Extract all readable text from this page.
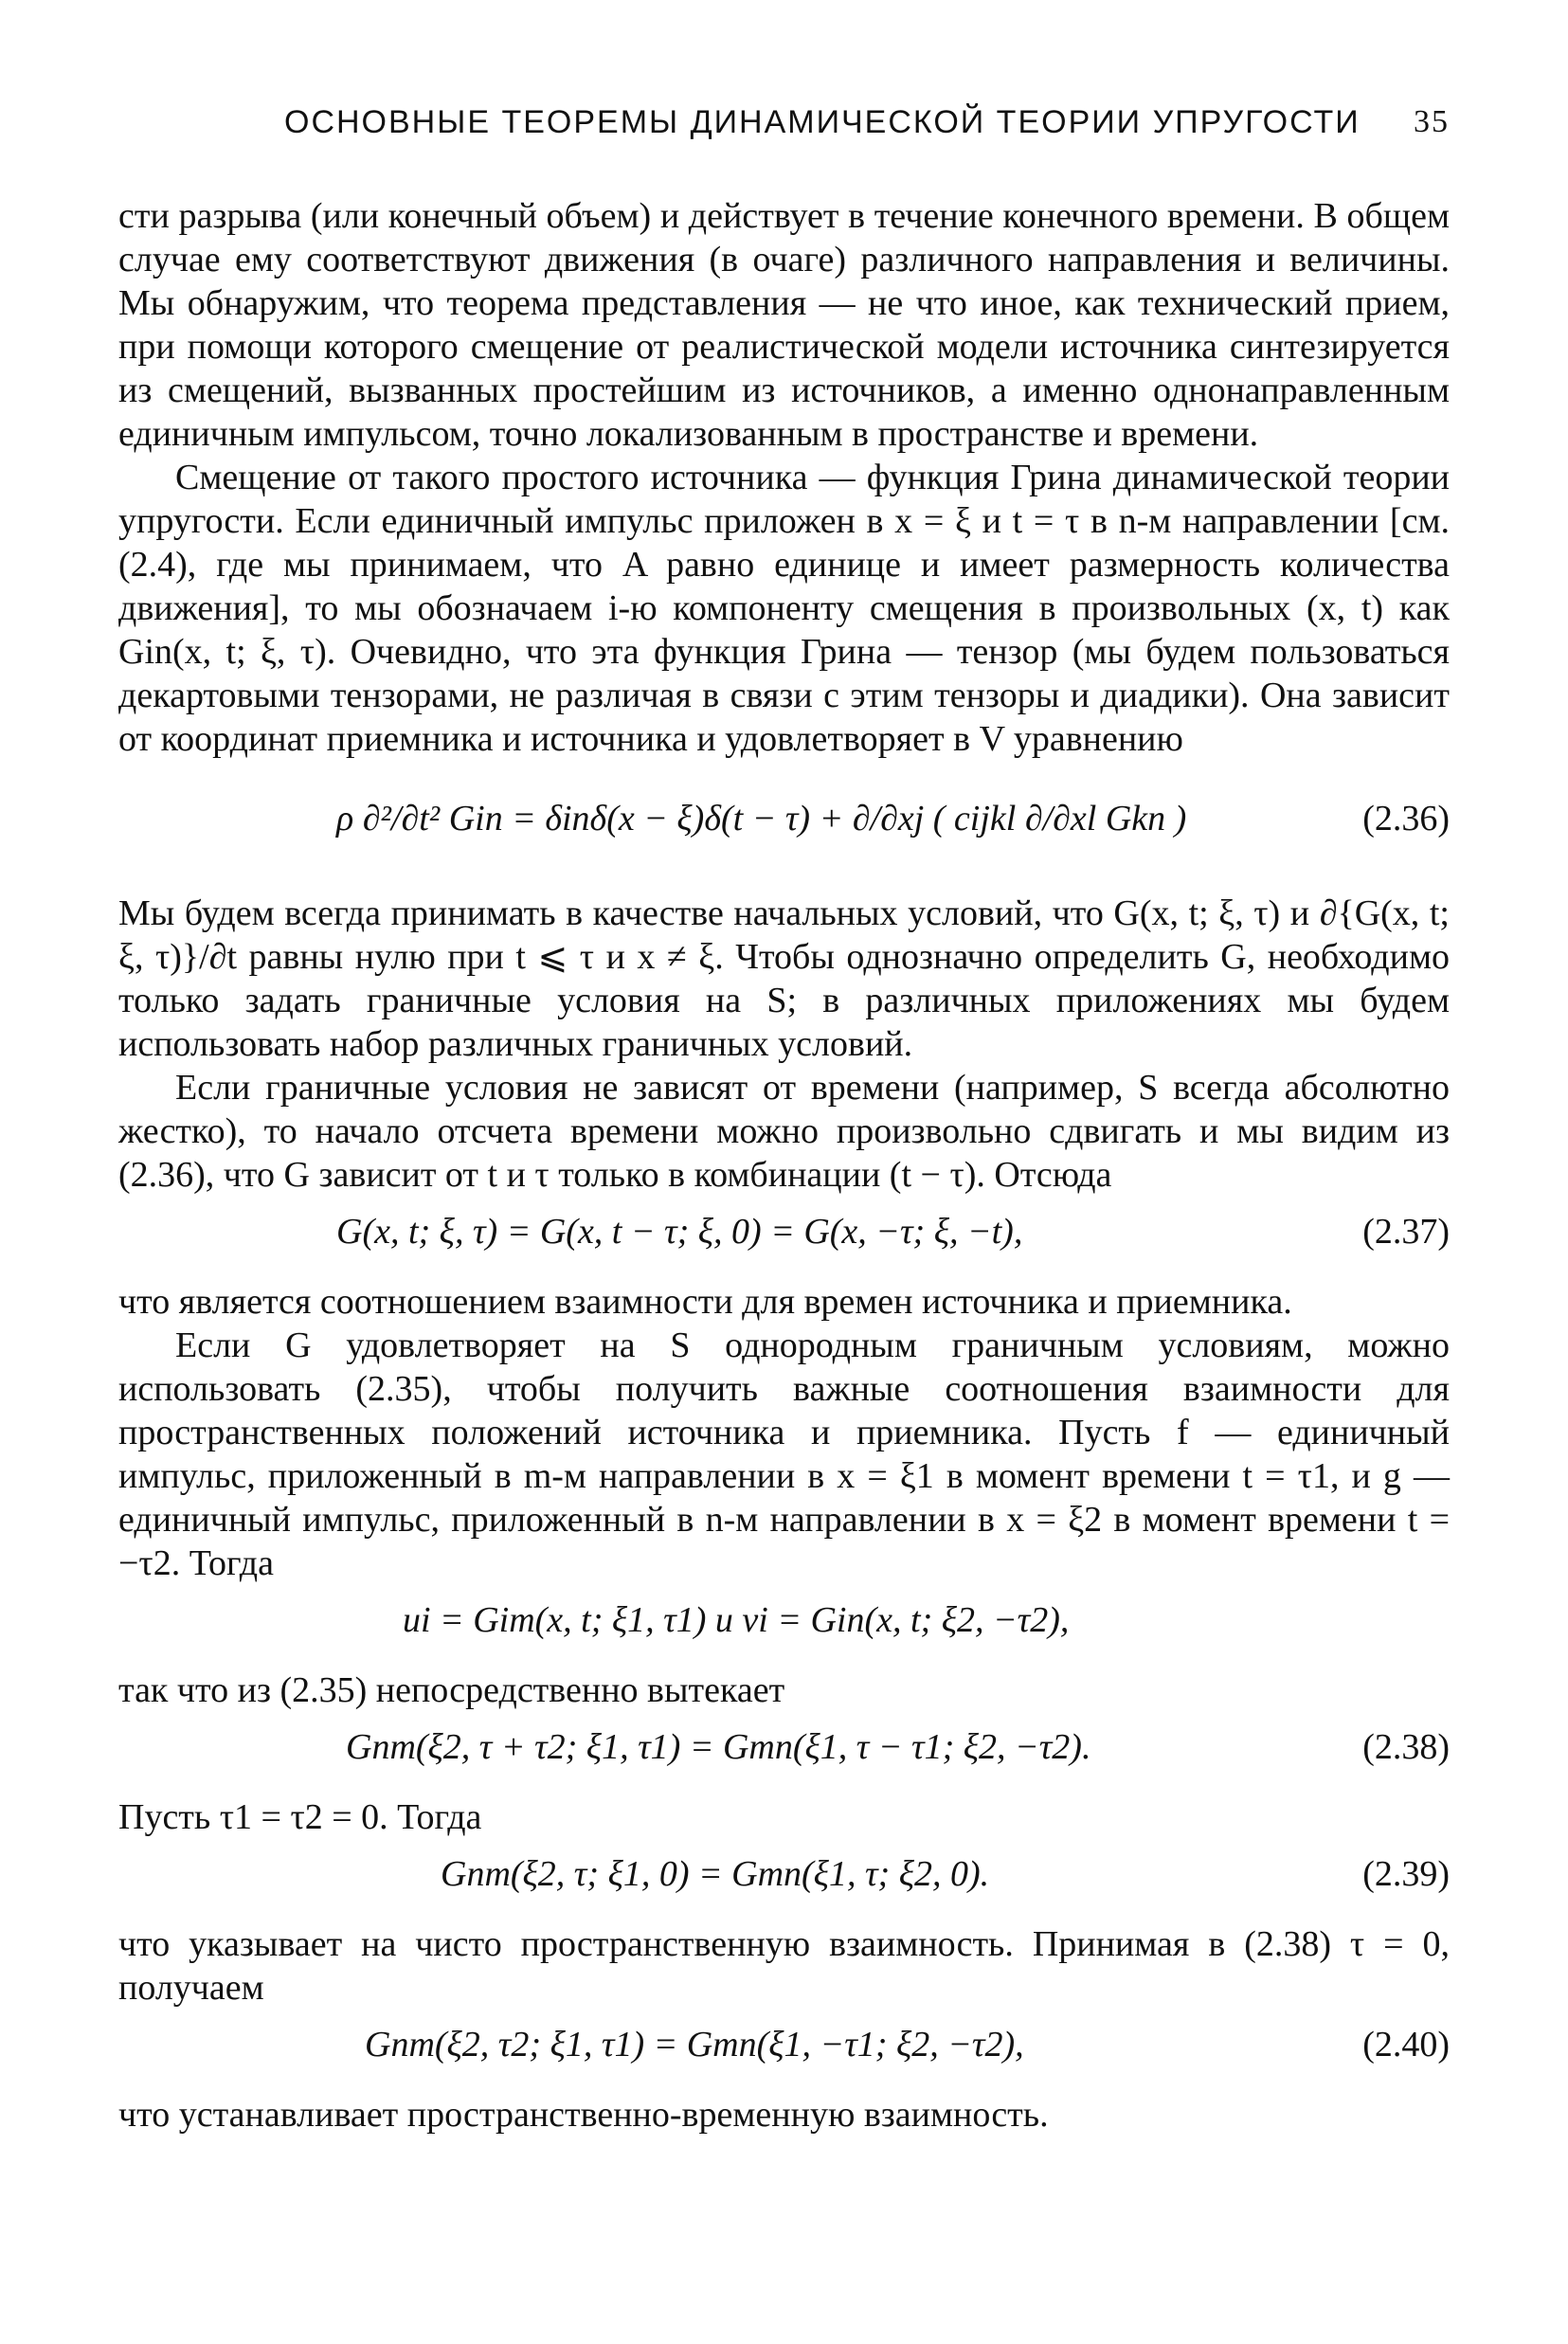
ОСНОВНЫЕ ТЕОРЕМЫ ДИНАМИЧЕСКОЙ ТЕОРИИ УПРУГОСТИ 35

сти разрыва (или конечный объем) и действует в течение конечного времени. В общем случае ему соответствуют движения (в очаге) различного направления и величины. Мы обнаружим, что теорема представления — не что иное, как технический прием, при помощи которого смещение от реалистической модели источника синтезируется из смещений, вызванных простейшим из источников, а именно однонаправленным единичным импульсом, точно локализованным в пространстве и времени.

Смещение от такого простого источника — функция Грина динамической теории упругости. Если единичный импульс приложен в x = ξ и t = τ в n-м направлении [см. (2.4), где мы принимаем, что A равно единице и имеет размерность количества движения], то мы обозначаем i-ю компоненту смещения в произвольных (x, t) как Gin(x, t; ξ, τ). Очевидно, что эта функция Грина — тензор (мы будем пользоваться декартовыми тензорами, не различая в связи с этим тензоры и диадики). Она зависит от координат приемника и источника и удовлетворяет в V уравнению

ρ ∂²/∂t² Gin = δinδ(x − ξ)δ(t − τ) + ∂/∂xj ( cijkl ∂/∂xl Gkn )	(2.36)

Мы будем всегда принимать в качестве начальных условий, что G(x, t; ξ, τ) и ∂{G(x, t; ξ, τ)}/∂t равны нулю при t ⩽ τ и x ≠ ξ. Чтобы однозначно определить G, необходимо только задать граничные условия на S; в различных приложениях мы будем использовать набор различных граничных условий.

Если граничные условия не зависят от времени (например, S всегда абсолютно жестко), то начало отсчета времени можно произвольно сдвигать и мы видим из (2.36), что G зависит от t и τ только в комбинации (t − τ). Отсюда

G(x, t; ξ, τ) = G(x, t − τ; ξ, 0) = G(x, −τ; ξ, −t),	(2.37)

что является соотношением взаимности для времен источника и приемника.

Если G удовлетворяет на S однородным граничным условиям, можно использовать (2.35), чтобы получить важные соотношения взаимности для пространственных положений источника и приемника. Пусть f — единичный импульс, приложенный в m-м направлении в x = ξ1 в момент времени t = τ1, и g — единичный импульс, приложенный в n-м направлении в x = ξ2 в момент времени t = −τ2. Тогда

ui = Gim(x, t; ξ1, τ1) и vi = Gin(x, t; ξ2, −τ2),

так что из (2.35) непосредственно вытекает

Gnm(ξ2, τ + τ2; ξ1, τ1) = Gmn(ξ1, τ − τ1; ξ2, −τ2).	(2.38)

Пусть τ1 = τ2 = 0. Тогда

Gnm(ξ2, τ; ξ1, 0) = Gmn(ξ1, τ; ξ2, 0).	(2.39)

что указывает на чисто пространственную взаимность. Принимая в (2.38) τ = 0, получаем

Gnm(ξ2, τ2; ξ1, τ1) = Gmn(ξ1, −τ1; ξ2, −τ2),	(2.40)

что устанавливает пространственно-временную взаимность.
